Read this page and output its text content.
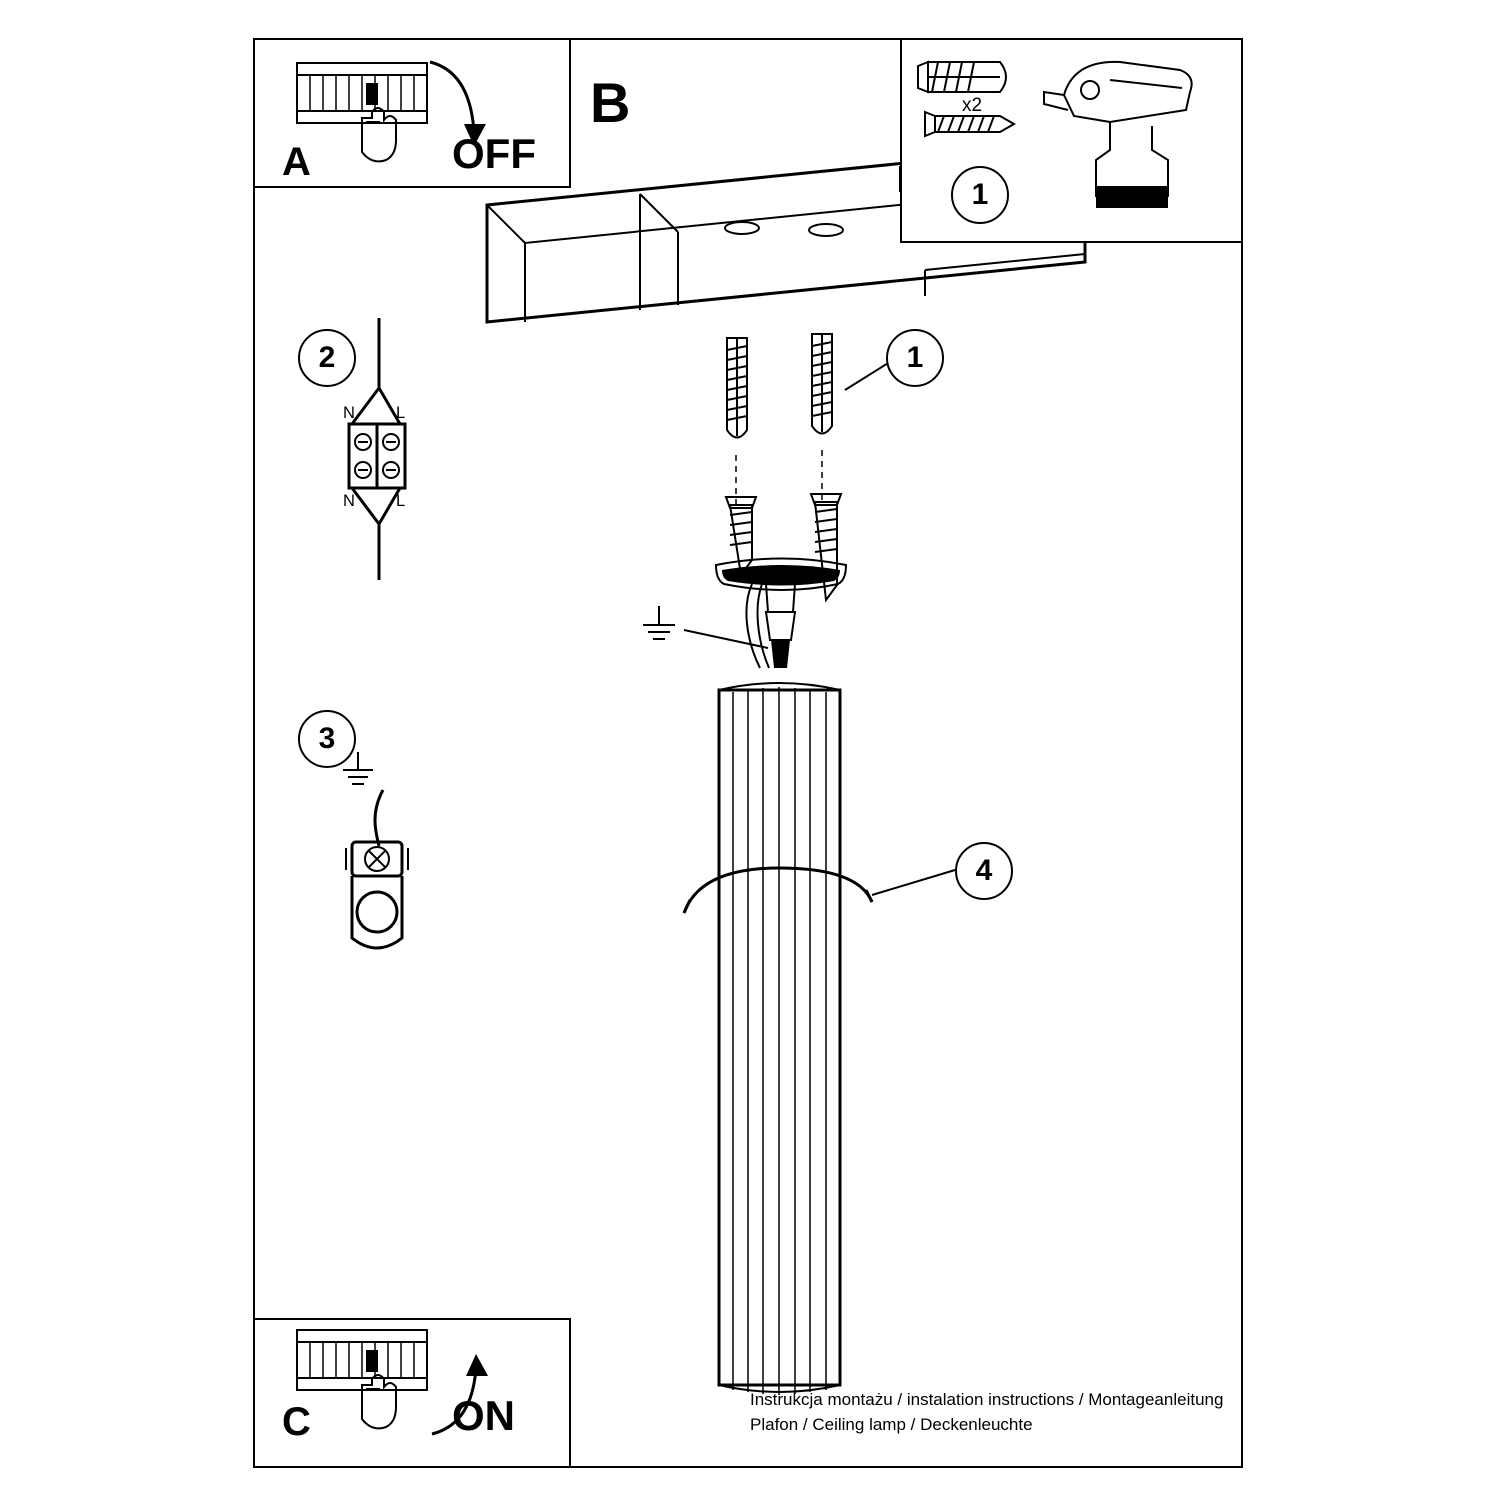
N L
N L
1
2
3
4
A	OFF
B
1
x2
C	ON	Instrukcja montażu / instalation instructions / Montageanleitung
Plafon / Ceiling lamp / Deckenleuchte
